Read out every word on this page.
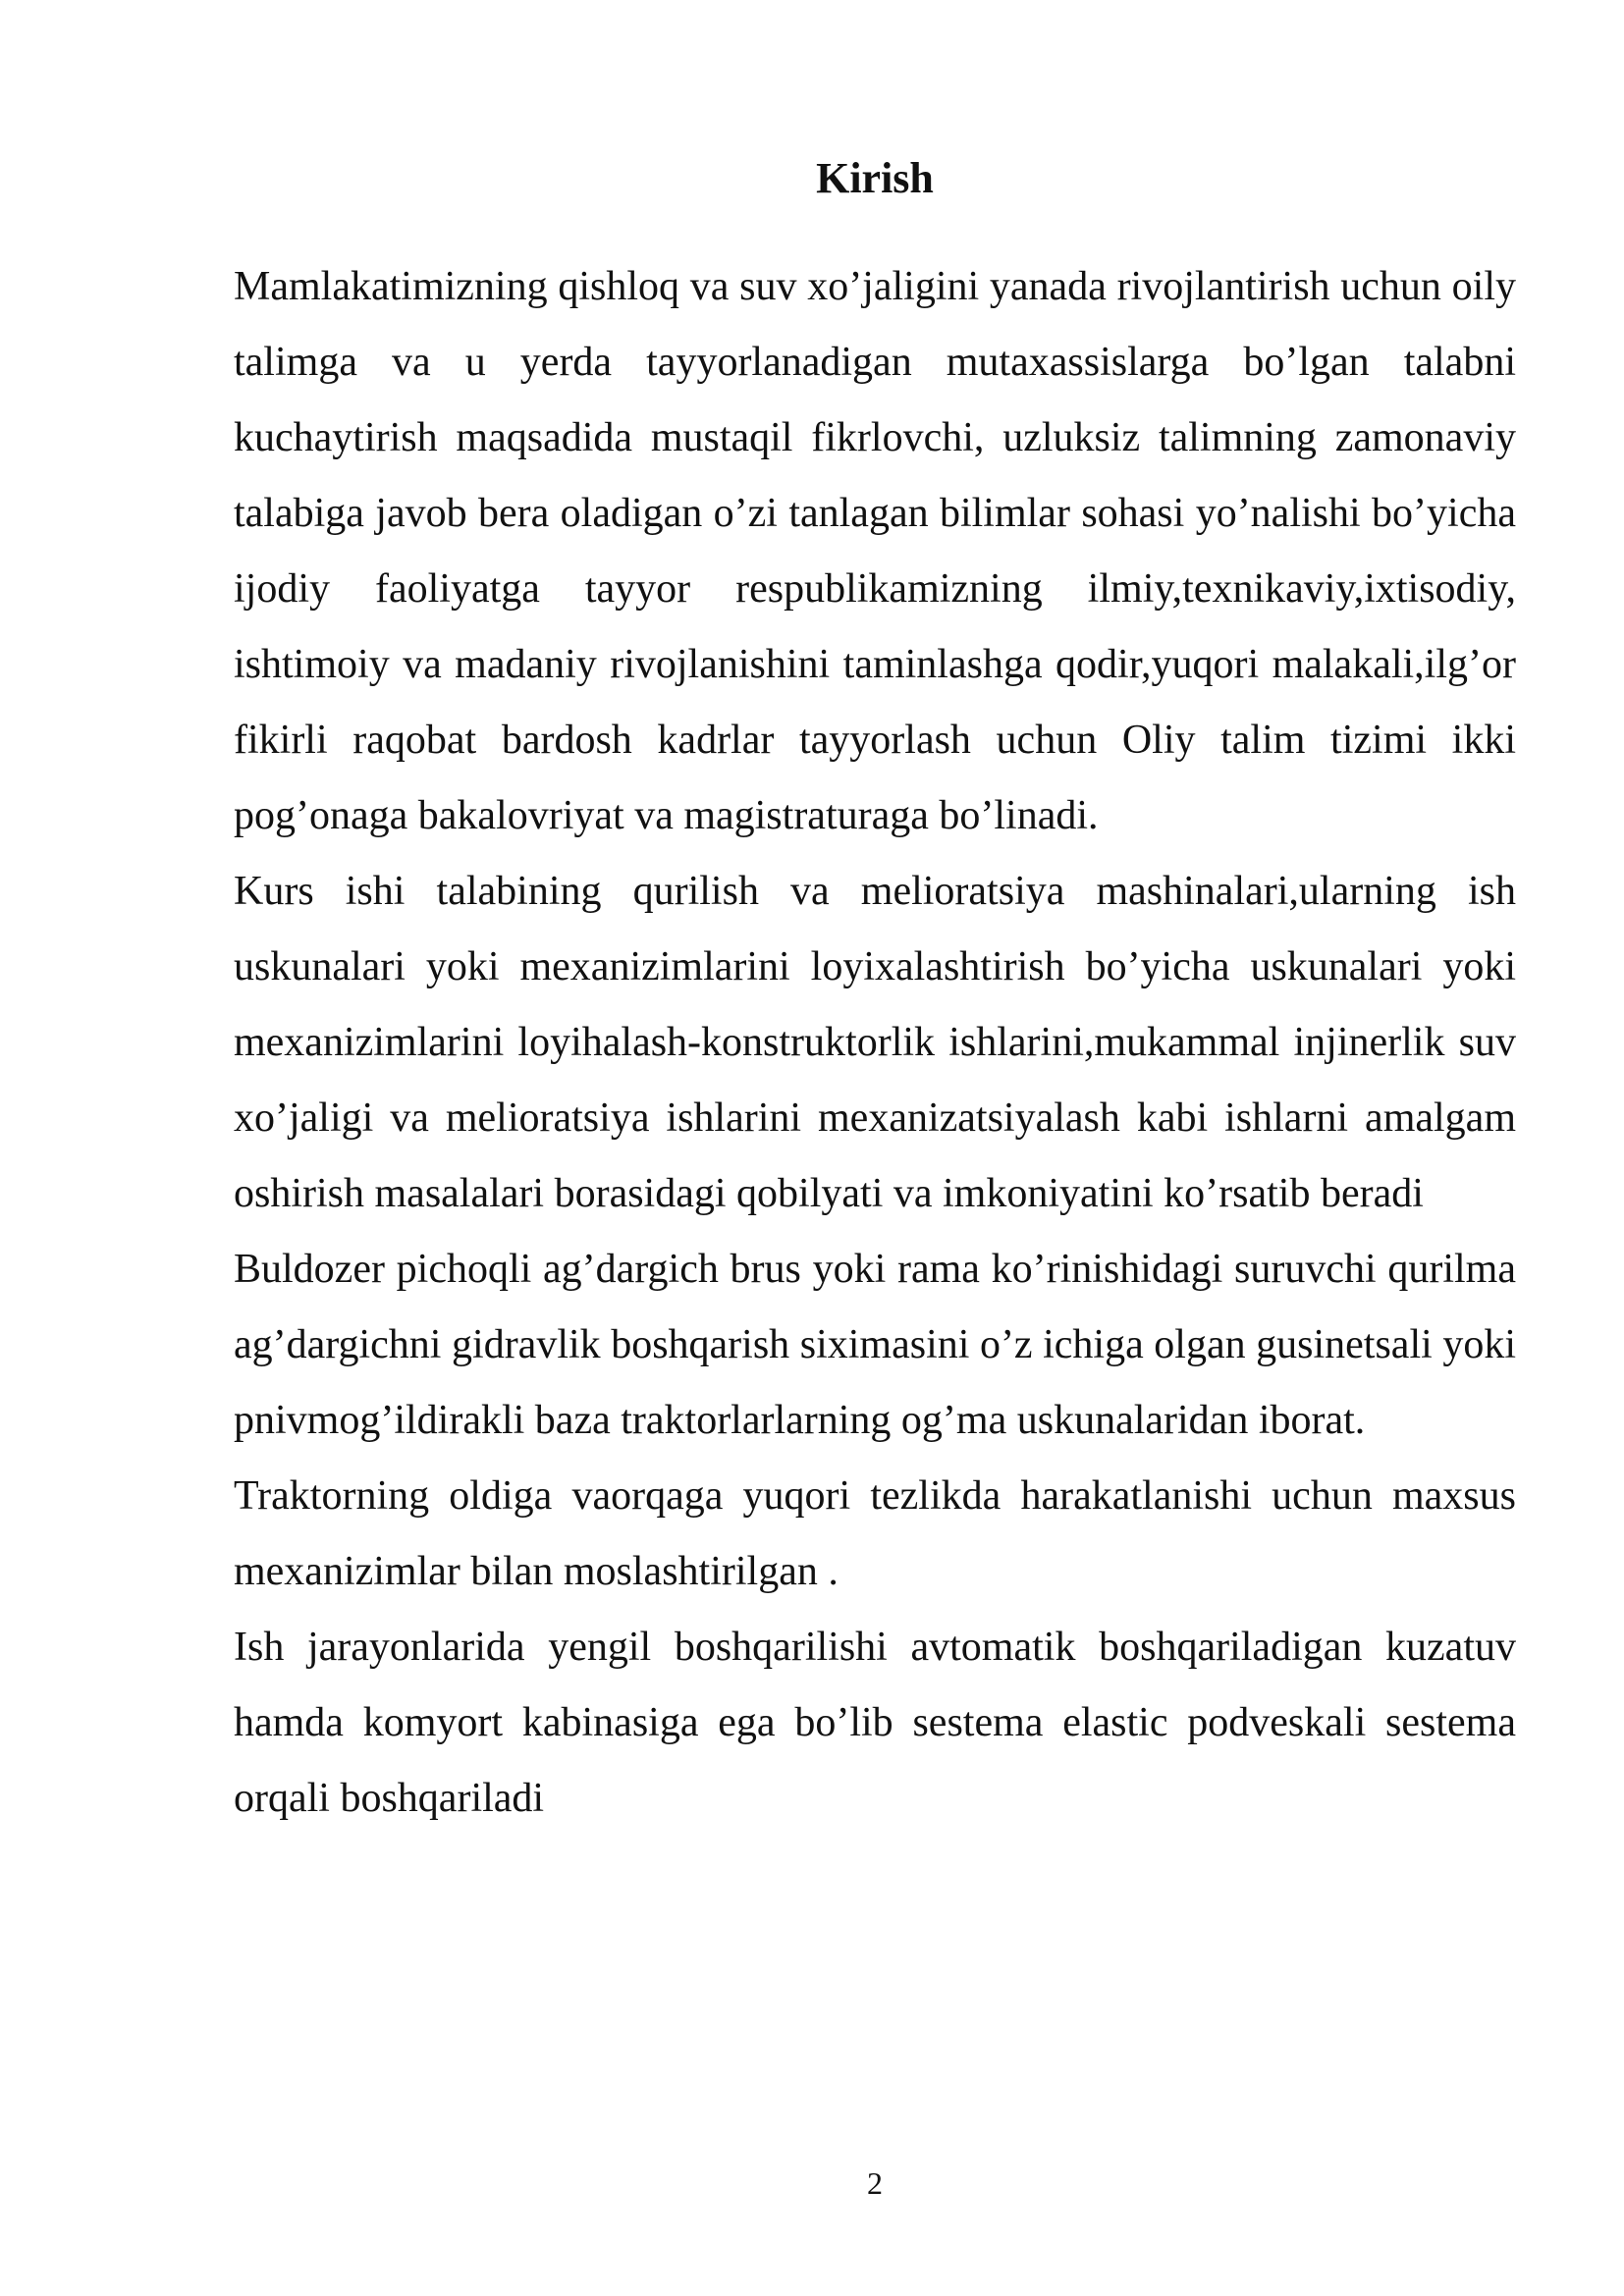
Kirish

Mamlakatimizning qishloq va suv xo’jaligini yanada rivojlantirish uchun oily talimga va u yerda tayyorlanadigan mutaxassislarga bo’lgan talabni kuchaytirish maqsadida mustaqil fikrlovchi, uzluksiz talimning zamonaviy talabiga javob bera oladigan o’zi tanlagan bilimlar sohasi yo’nalishi bo’yicha ijodiy faoliyatga tayyor respublikamizning ilmiy,texnikaviy,ixtisodiy, ishtimoiy va madaniy rivojlanishini taminlashga qodir,yuqori malakali,ilg’or fikirli raqobat bardosh kadrlar tayyorlash uchun Oliy talim tizimi ikki pog’onaga bakalovriyat va magistraturaga bo’linadi.

Kurs ishi talabining qurilish va melioratsiya mashinalari,ularning ish uskunalari yoki mexanizimlarini loyixalashtirish bo’yicha uskunalari yoki mexanizimlarini loyihalash-konstruktorlik ishlarini,mukammal injinerlik suv xo’jaligi va melioratsiya ishlarini mexanizatsiyalash kabi ishlarni amalgam oshirish masalalari borasidagi qobilyati va imkoniyatini ko’rsatib beradi

Buldozer pichoqli ag’dargich brus yoki rama ko’rinishidagi suruvchi qurilma ag’dargichni gidravlik boshqarish siximasini o’z ichiga olgan gusinetsali yoki pnivmog’ildirakli baza traktorlarlarning og’ma uskunalaridan iborat.

Traktorning oldiga vaorqaga yuqori tezlikda harakatlanishi uchun maxsus mexanizimlar bilan moslashtirilgan .

Ish jarayonlarida yengil boshqarilishi avtomatik boshqariladigan kuzatuv hamda komyort kabinasiga ega bo’lib sestema elastic podveskali sestema orqali boshqariladi

2
